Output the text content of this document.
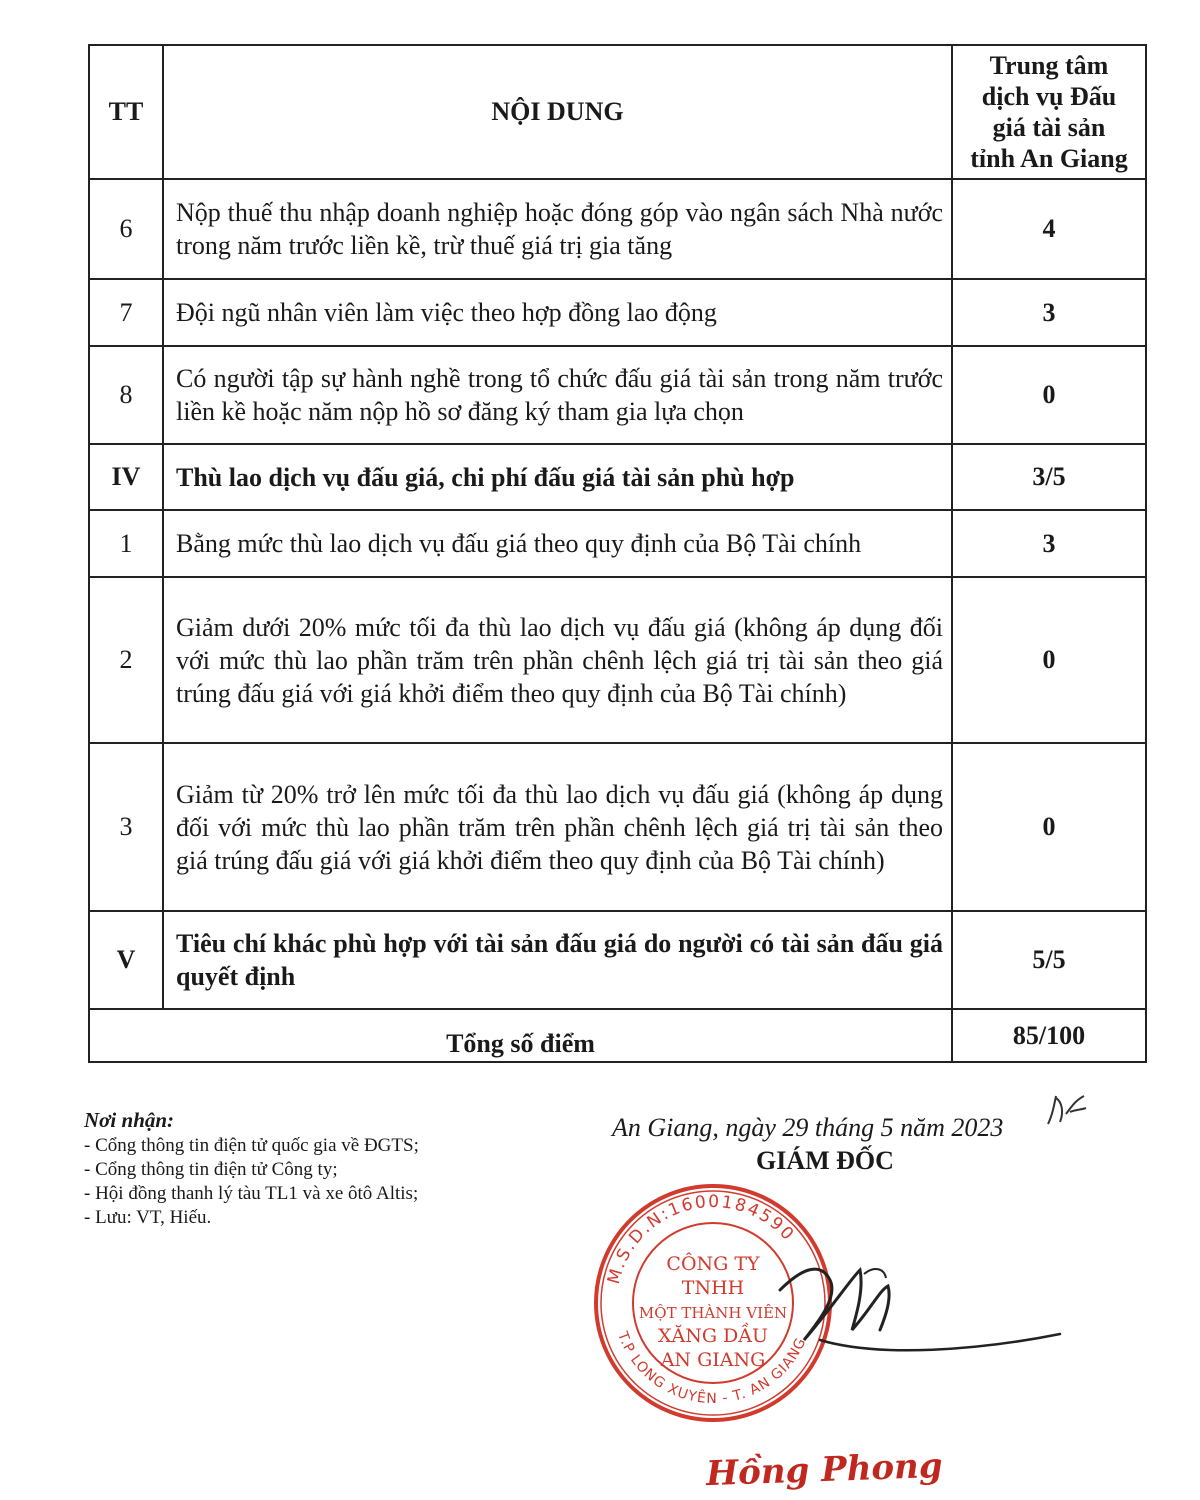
TT	NỘI DUNG	Trung tâm
dịch vụ Đấu
giá tài sản
tỉnh An Giang

6	Nộp thuế thu nhập doanh nghiệp hoặc đóng góp vào ngân sách Nhà nước trong năm trước liền kề, trừ thuế giá trị gia tăng	4
7	Đội ngũ nhân viên làm việc theo hợp đồng lao động	3
8	Có người tập sự hành nghề trong tổ chức đấu giá tài sản trong năm trước liền kề hoặc năm nộp hồ sơ đăng ký tham gia lựa chọn	0
IV	Thù lao dịch vụ đấu giá, chi phí đấu giá tài sản phù hợp	3/5
1	Bằng mức thù lao dịch vụ đấu giá theo quy định của Bộ Tài chính	3
2	Giảm dưới 20% mức tối đa thù lao dịch vụ đấu giá (không áp dụng đối với mức thù lao phần trăm trên phần chênh lệch giá trị tài sản theo giá trúng đấu giá với giá khởi điểm theo quy định của Bộ Tài chính)	0
3	Giảm từ 20% trở lên mức tối đa thù lao dịch vụ đấu giá (không áp dụng đối với mức thù lao phần trăm trên phần chênh lệch giá trị tài sản theo giá trúng đấu giá với giá khởi điểm theo quy định của Bộ Tài chính)	0
V	Tiêu chí khác phù hợp với tài sản đấu giá do người có tài sản đấu giá quyết định	5/5
Tổng số điểm		85/100
Nơi nhận:
- Cổng thông tin điện tử quốc gia về ĐGTS;
- Cổng thông tin điện tử Công ty;
- Hội đồng thanh lý tàu TL1 và xe ôtô Altis;
- Lưu: VT, Hiếu.
An Giang, ngày 29 tháng 5 năm 2023
GIÁM ĐỐC
M.S.D.N:1600184590
T.P LONG XUYÊN - T. AN GIANG
CÔNG TY
TNHH
MỘT THÀNH VIÊN
XĂNG DẦU
AN GIANG
Hồng Phong
